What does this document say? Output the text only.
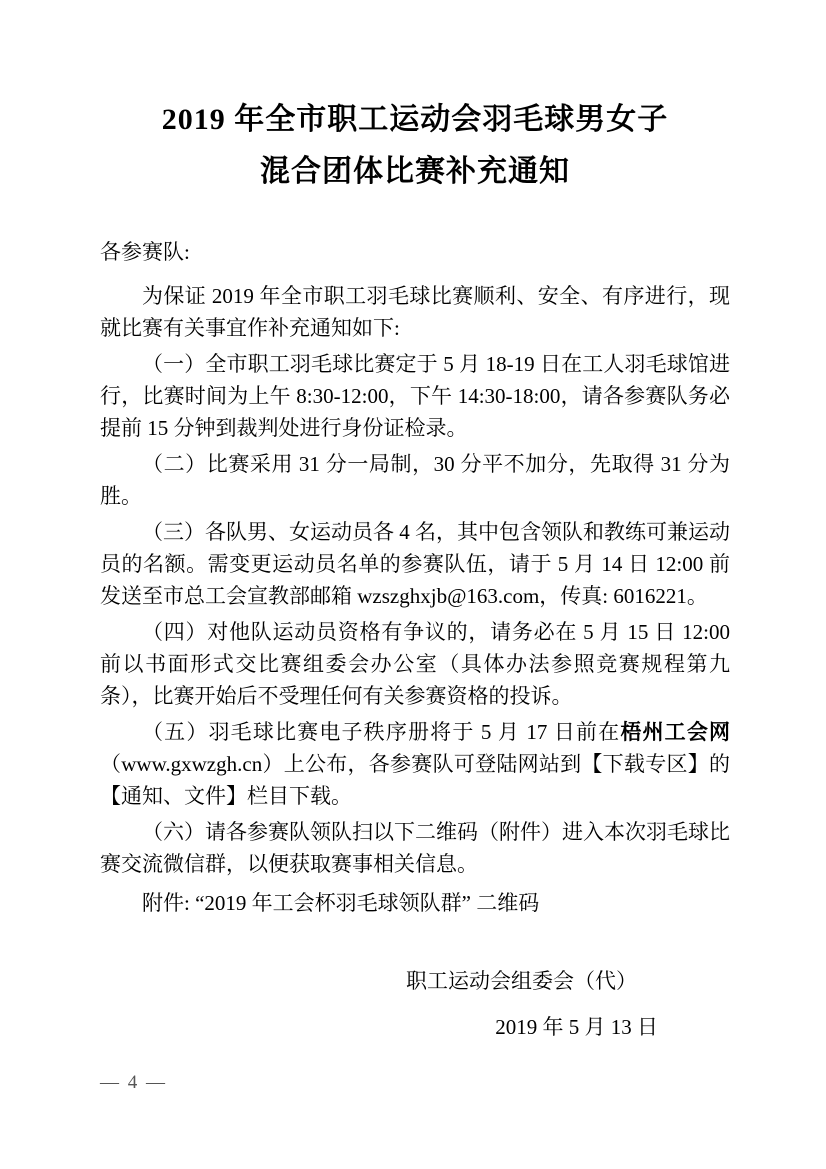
2019 年全市职工运动会羽毛球男女子
混合团体比赛补充通知

各参赛队:

为保证 2019 年全市职工羽毛球比赛顺利、安全、有序进行，现就比赛有关事宜作补充通知如下:

（一）全市职工羽毛球比赛定于 5 月 18-19 日在工人羽毛球馆进行，比赛时间为上午 8:30-12:00，下午 14:30-18:00，请各参赛队务必提前 15 分钟到裁判处进行身份证检录。

（二）比赛采用 31 分一局制，30 分平不加分，先取得 31 分为胜。

（三）各队男、女运动员各 4 名，其中包含领队和教练可兼运动员的名额。需变更运动员名单的参赛队伍，请于 5 月 14 日 12:00 前发送至市总工会宣教部邮箱 wzszghxjb@163.com，传真: 6016221。

（四）对他队运动员资格有争议的，请务必在 5 月 15 日 12:00 前以书面形式交比赛组委会办公室（具体办法参照竞赛规程第九条），比赛开始后不受理任何有关参赛资格的投诉。

（五）羽毛球比赛电子秩序册将于 5 月 17 日前在梧州工会网（www.gxwzgh.cn）上公布，各参赛队可登陆网站到【下载专区】的【通知、文件】栏目下载。

（六）请各参赛队领队扫以下二维码（附件）进入本次羽毛球比赛交流微信群，以便获取赛事相关信息。

附件: “2019 年工会杯羽毛球领队群” 二维码

职工运动会组委会（代）

2019 年 5 月 13 日

— 4 —
